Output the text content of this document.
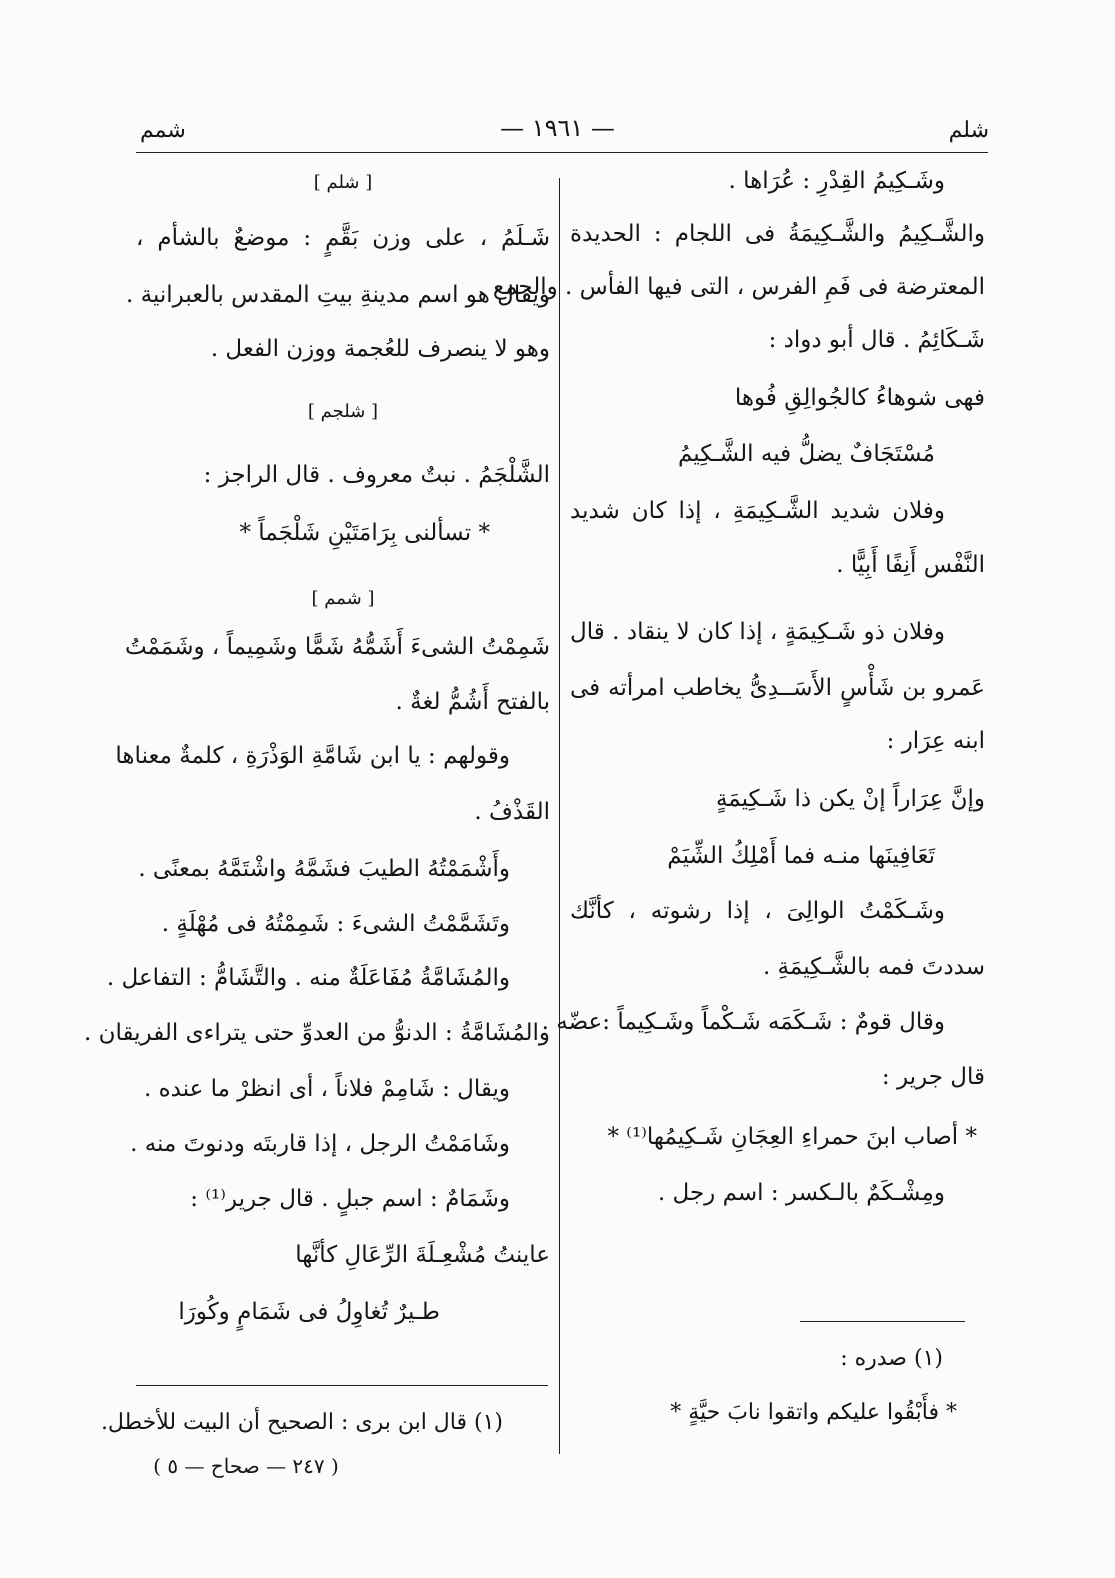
شلم
— ١٩٦١ —
شمم

وشَـكِيمُ القِدْرِ : عُرَاها .

والشَّـكِيمُ والشَّـكِيمَةُ فى اللجام : الحديدة

المعترضة فى فَمِ الفرس ، التى فيها الفأس . والجمع

شَـكَائِمُ . قال أبو دواد :

فهى شوهاءُ كالجُوالِقِ فُوها

مُسْتَجَافٌ يضلُّ فيه الشَّـكِيمُ

وفلان شديد الشَّـكِيمَةِ ، إذا كان شديد

النَّفْس أَنِفًا أَبِيًّا .

وفلان ذو شَـكِيمَةٍ ، إذا كان لا ينقاد . قال

عَمرو بن شَأْسٍ الأَسَــدِىُّ يخاطب امرأته فى

ابنه عِرَار :

وإنَّ عِرَاراً إنْ يكن ذا شَـكِيمَةٍ

تَعَافِينَها منـه فما أَمْلِكُ الشِّيَمْ

وشَـكَمْتُ الوالِىَ ، إذا رشوته ، كأنَّك

سددتَ فمه بالشَّـكِيمَةِ .

وقال قومٌ : شَـكَمَه شَـكْماً وشَـكِيماً :عضّه .

قال جرير :

* أصاب ابنَ حمراءِ العِجَانِ شَـكِيمُها⁽¹⁾ *

ومِشْـكَمٌ بالـكسر : اسم رجل .

[ شلم ]

شَـلَمُ ، على وزن بَقَّمٍ : موضعٌ بالشأم ،

ويقال هو اسم مدينةِ بيتِ المقدس بالعبرانية .

وهو لا ينصرف للعُجمة ووزن الفعل .

[ شلجم ]

الشَّلْجَمُ . نبتٌ معروف . قال الراجز :

* تسألنى بِرَامَتَيْنِ شَلْجَماً *

[ شمم ]

شَمِمْتُ الشىءَ أَشَمُّهُ شَمًّا وشَمِيماً ، وشَمَمْتُ

بالفتح أَشُمُّ لغةٌ .

وقولهم : يا ابن شَامَّةِ الوَذْرَةِ ، كلمةٌ معناها

القَذْفُ .

وأَشْمَمْتُهُ الطيبَ فشَمَّهُ واشْتَمَّهُ بمعنًى .

وتَشَمَّمْتُ الشىءَ : شَمِمْتُهُ فى مُهْلَةٍ .

والمُشَامَّةُ مُفَاعَلَةٌ منه . والتَّشَامُّ : التفاعل .

والمُشَامَّةُ : الدنوُّ من العدوِّ حتى يتراءى الفريقان .

ويقال : شَامِمْ فلاناً ، أى انظرْ ما عنده .

وشَامَمْتُ الرجل ، إذا قاربتَه ودنوتَ منه .

وشَمَامٌ : اسم جبلٍ . قال جرير⁽¹⁾ :

عاينتُ مُشْعِـلَةَ الرِّعَالِ كأنَّها

طـيرٌ تُغاوِلُ فى شَمَامٍ وكُورَا

(١) صدره :
* فأَبْقُوا عليكم واتقوا نابَ حيَّةٍ *
(١) قال ابن برى : الصحيح أن البيت للأخطل.
( ٢٤٧ — صحاح — ٥ )
